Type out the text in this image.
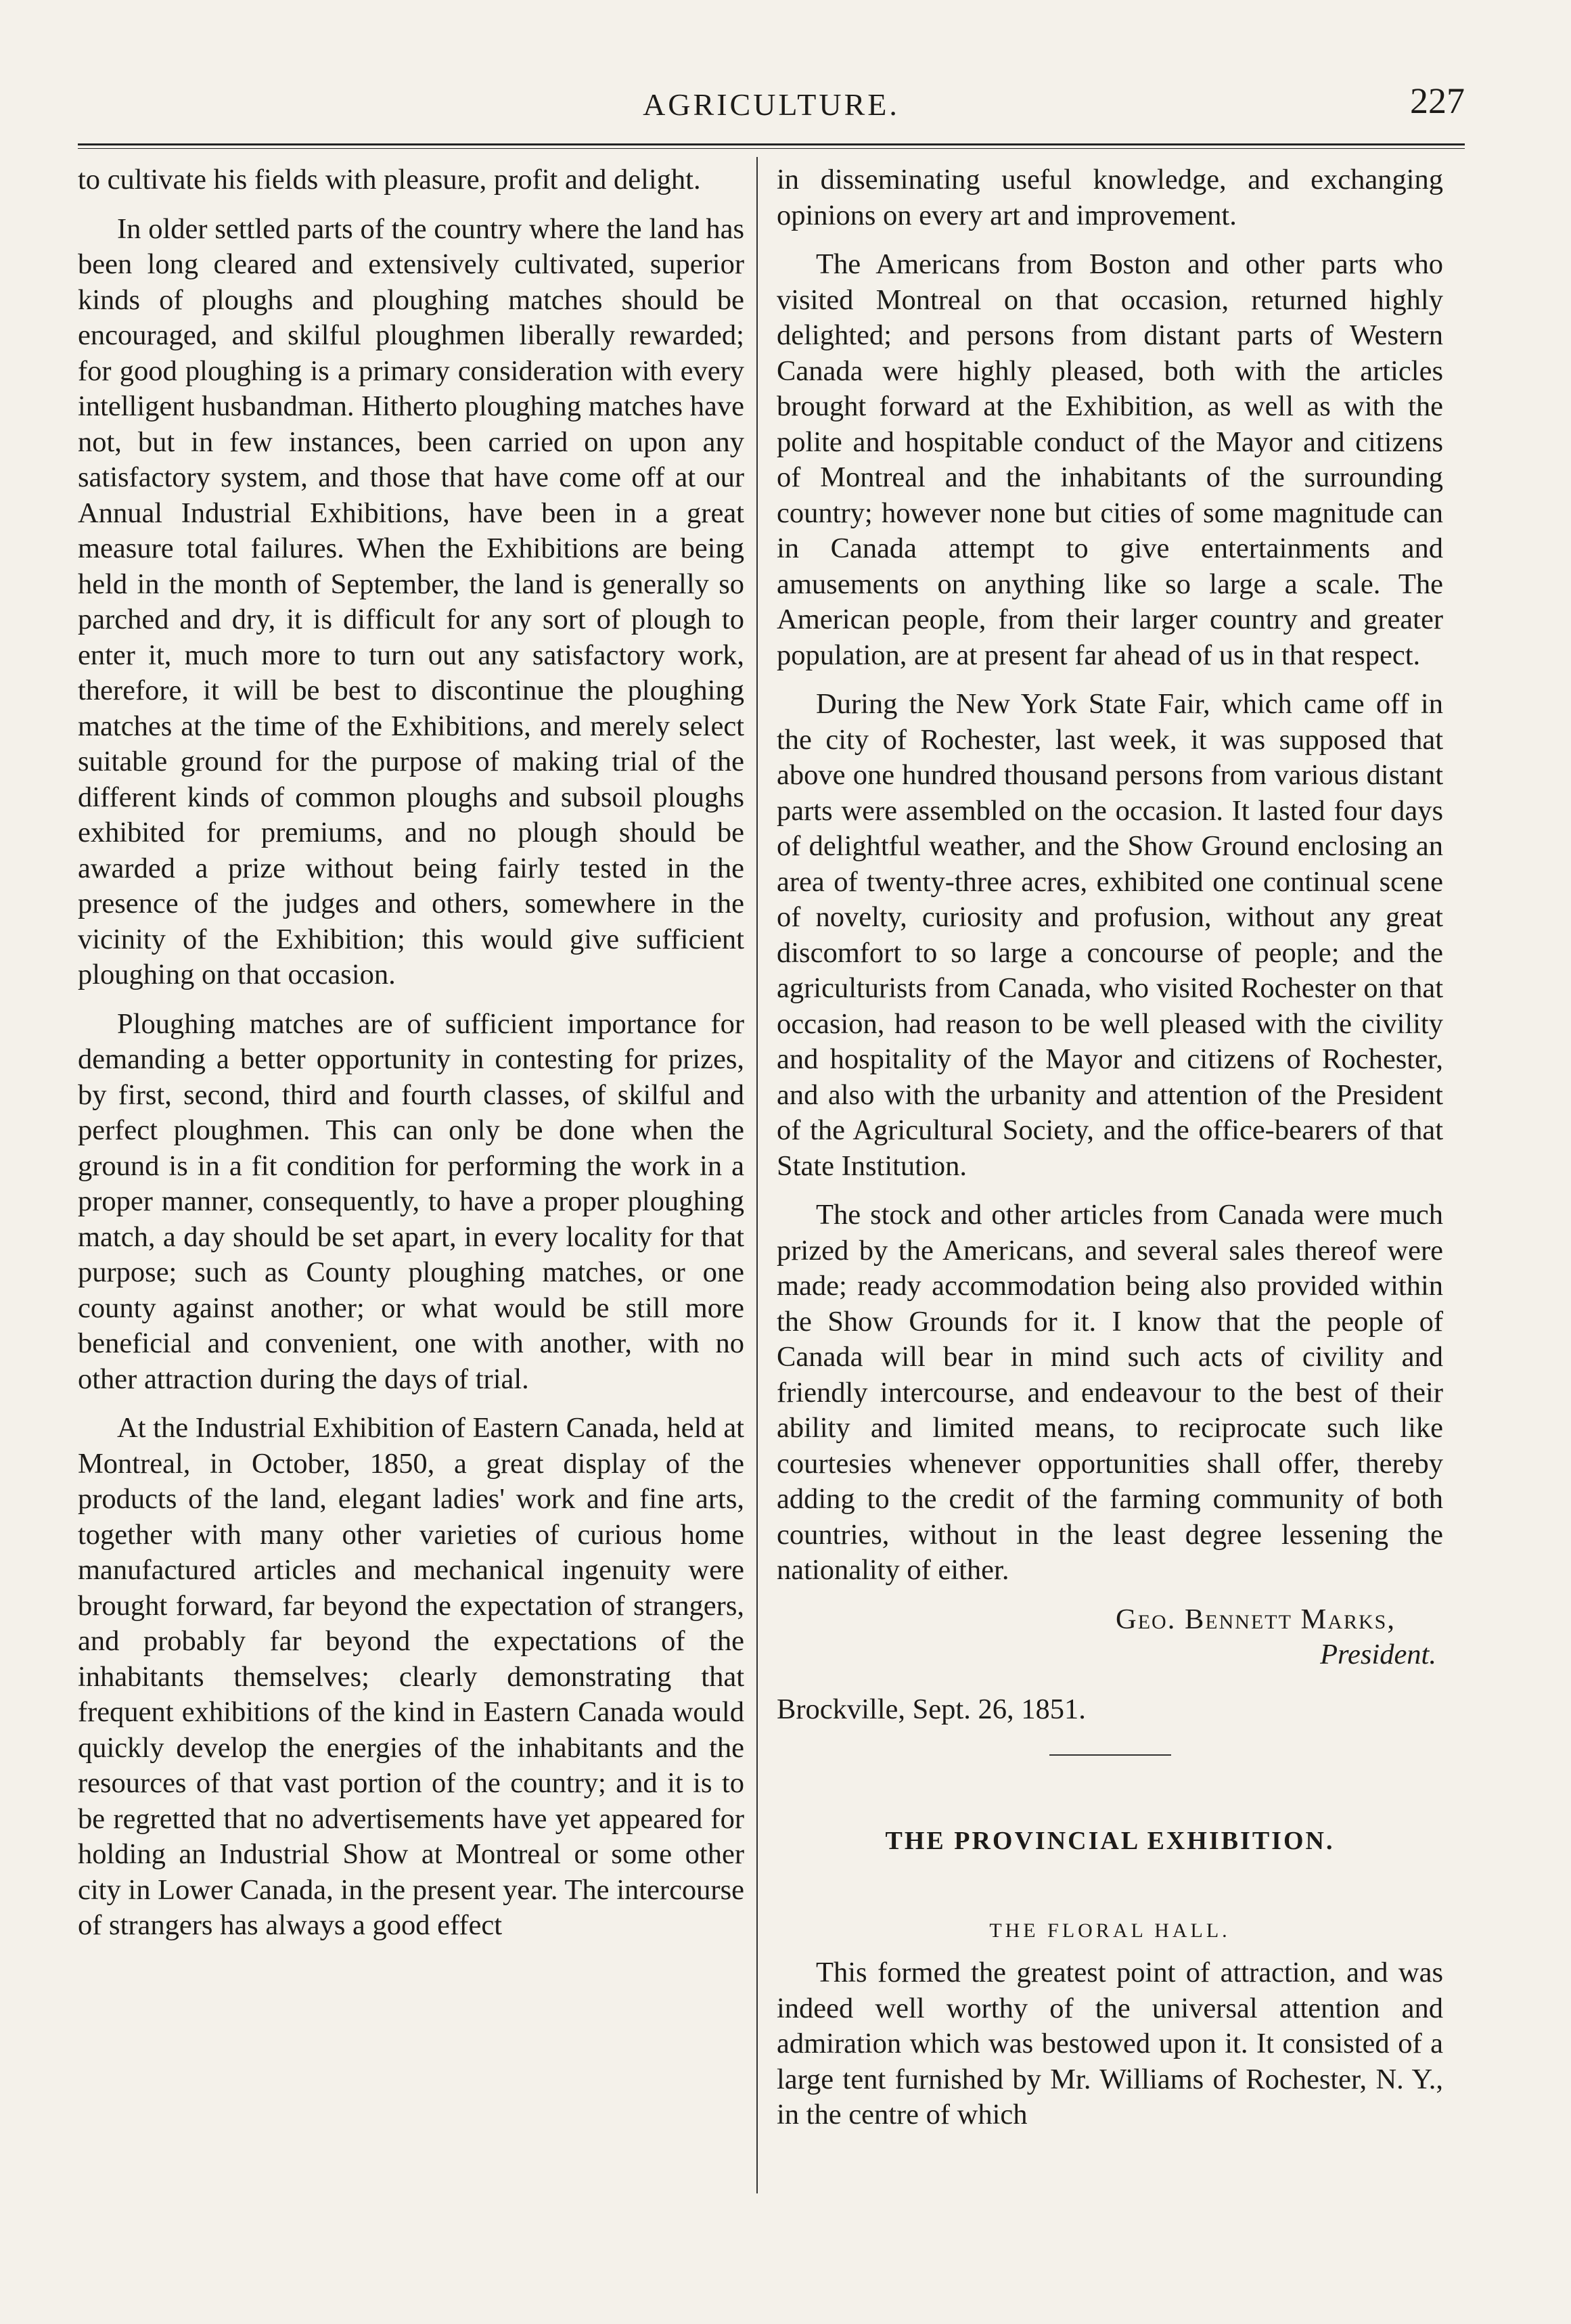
AGRICULTURE.	227

to cultivate his fields with pleasure, profit and delight.

In older settled parts of the country where the land has been long cleared and extensively cultivated, superior kinds of ploughs and ploughing matches should be encouraged, and skilful ploughmen liberally rewarded; for good ploughing is a primary consideration with every intelligent husbandman. Hitherto ploughing matches have not, but in few instances, been carried on upon any satisfactory system, and those that have come off at our Annual Industrial Exhibitions, have been in a great measure total failures. When the Exhibitions are being held in the month of September, the land is generally so parched and dry, it is difficult for any sort of plough to enter it, much more to turn out any satisfactory work, therefore, it will be best to discontinue the ploughing matches at the time of the Exhibitions, and merely select suitable ground for the purpose of making trial of the different kinds of common ploughs and subsoil ploughs exhibited for premiums, and no plough should be awarded a prize without being fairly tested in the presence of the judges and others, somewhere in the vicinity of the Exhibition; this would give sufficient ploughing on that occasion.

Ploughing matches are of sufficient importance for demanding a better opportunity in contesting for prizes, by first, second, third and fourth classes, of skilful and perfect ploughmen. This can only be done when the ground is in a fit condition for performing the work in a proper manner, consequently, to have a proper ploughing match, a day should be set apart, in every locality for that purpose; such as County ploughing matches, or one county against another; or what would be still more beneficial and convenient, one with another, with no other attraction during the days of trial.

At the Industrial Exhibition of Eastern Canada, held at Montreal, in October, 1850, a great display of the products of the land, elegant ladies' work and fine arts, together with many other varieties of curious home manufactured articles and mechanical ingenuity were brought forward, far beyond the expectation of strangers, and probably far beyond the expectations of the inhabitants themselves; clearly demonstrating that frequent exhibitions of the kind in Eastern Canada would quickly develop the energies of the inhabitants and the resources of that vast portion of the country; and it is to be regretted that no advertisements have yet appeared for holding an Industrial Show at Montreal or some other city in Lower Canada, in the present year. The intercourse of strangers has always a good effect

in disseminating useful knowledge, and exchanging opinions on every art and improvement.

The Americans from Boston and other parts who visited Montreal on that occasion, returned highly delighted; and persons from distant parts of Western Canada were highly pleased, both with the articles brought forward at the Exhibition, as well as with the polite and hospitable conduct of the Mayor and citizens of Montreal and the inhabitants of the surrounding country; however none but cities of some magnitude can in Canada attempt to give entertainments and amusements on anything like so large a scale. The American people, from their larger country and greater population, are at present far ahead of us in that respect.

During the New York State Fair, which came off in the city of Rochester, last week, it was supposed that above one hundred thousand persons from various distant parts were assembled on the occasion. It lasted four days of delightful weather, and the Show Ground enclosing an area of twenty-three acres, exhibited one continual scene of novelty, curiosity and profusion, without any great discomfort to so large a concourse of people; and the agriculturists from Canada, who visited Rochester on that occasion, had reason to be well pleased with the civility and hospitality of the Mayor and citizens of Rochester, and also with the urbanity and attention of the President of the Agricultural Society, and the office-bearers of that State Institution.

The stock and other articles from Canada were much prized by the Americans, and several sales thereof were made; ready accommodation being also provided within the Show Grounds for it. I know that the people of Canada will bear in mind such acts of civility and friendly intercourse, and endeavour to the best of their ability and limited means, to reciprocate such like courtesies whenever opportunities shall offer, thereby adding to the credit of the farming community of both countries, without in the least degree lessening the nationality of either.

Geo. Bennett Marks,
President.
Brockville, Sept. 26, 1851.
THE PROVINCIAL EXHIBITION.
THE FLORAL HALL.

This formed the greatest point of attraction, and was indeed well worthy of the universal attention and admiration which was bestowed upon it. It consisted of a large tent furnished by Mr. Williams of Rochester, N. Y., in the centre of which
